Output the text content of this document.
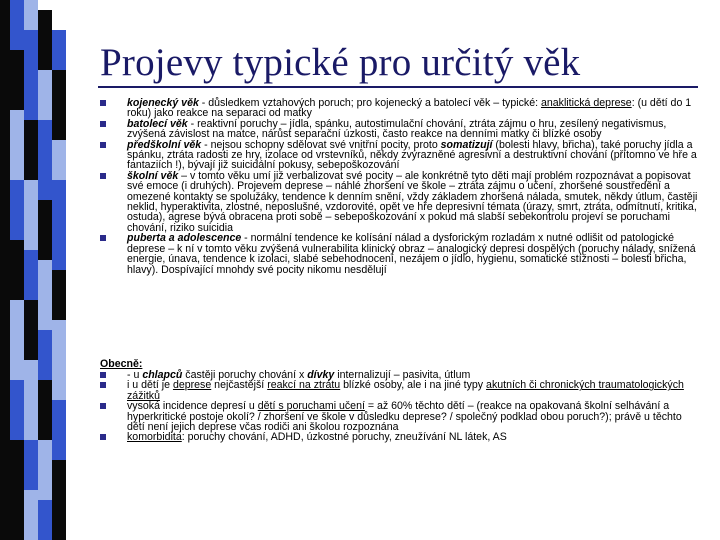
Projevy typické pro určitý věk
kojenecký věk - důsledkem vztahových poruch; pro kojenecký a batolecí věk – typické: anaklitická deprese: (u dětí do 1 roku) jako reakce na separaci od matky
batolecí věk - reaktivní poruchy – jídla, spánku, autostimulační chování, ztráta zájmu o hru, zesílený negativismus, zvýšená závislost na matce, nárůst separační úzkosti, často reakce na denními matky či blízké osoby
předškolní věk - nejsou schopny sdělovat své vnitřní pocity, proto somatizují (bolesti hlavy, břicha), také poruchy jídla a spánku, ztráta radosti ze hry, izolace od vrstevníků, někdy zvýrazněné agresivní a destruktivní chování (přítomno ve hře a fantaziích !), bývají již suicidální pokusy, sebepoškozování
školní věk – v tomto věku umí již verbalizovat své pocity – ale konkrétně tyto děti mají problém rozpoznávat a popisovat své emoce (i druhých). Projevem deprese – náhlé zhoršení ve škole – ztráta zájmu o učení, zhoršené soustředění a omezené kontakty se spolužáky, tendence k denním snění, vždy základem zhoršená nálada, smutek, někdy útlum, častěji neklid, hyperaktivita, zlostné, neposlušné, vzdorovité, opět ve hře depresivní témata (úrazy, smrt, ztráta, odmítnutí, kritika, ostuda), agrese bývá obracena proti sobě – sebepoškozování x pokud má slabší sebekontrolu projeví se poruchami chování, riziko suicidia
puberta a adolescence - normální tendence ke kolísání nálad a dysforickým rozladám x nutné odlišit od patologické deprese – k ní v tomto věku zvýšená vulnerabilita klinický obraz – analogický depresi dospělých (poruchy nálady, snížená energie, únava, tendence k izolaci, slabé sebehodnocení, nezájem o jídlo, hygienu, somatické stížnosti – bolesti břicha, hlavy). Dospívající mnohdy své pocity nikomu nesdělují
Obecně:
- u chlapců častěji poruchy chování x dívky internalizují – pasivita, útlum
i u dětí je deprese nejčastější reakcí na ztrátu blízké osoby, ale i na jiné typy akutních či chronických traumatologických zážitků
vysoká incidence depresí u dětí s poruchami učení = až 60% těchto dětí – (reakce na opakovaná školní selhávání a hyperkritické postoje okolí? / zhoršení ve škole v důsledku deprese? / společný podklad obou poruch?); právě u těchto dětí není jejich deprese včas rodiči ani školou rozpoznána
komorbidita: poruchy chování, ADHD, úzkostné poruchy, zneužívání NL látek, AS
